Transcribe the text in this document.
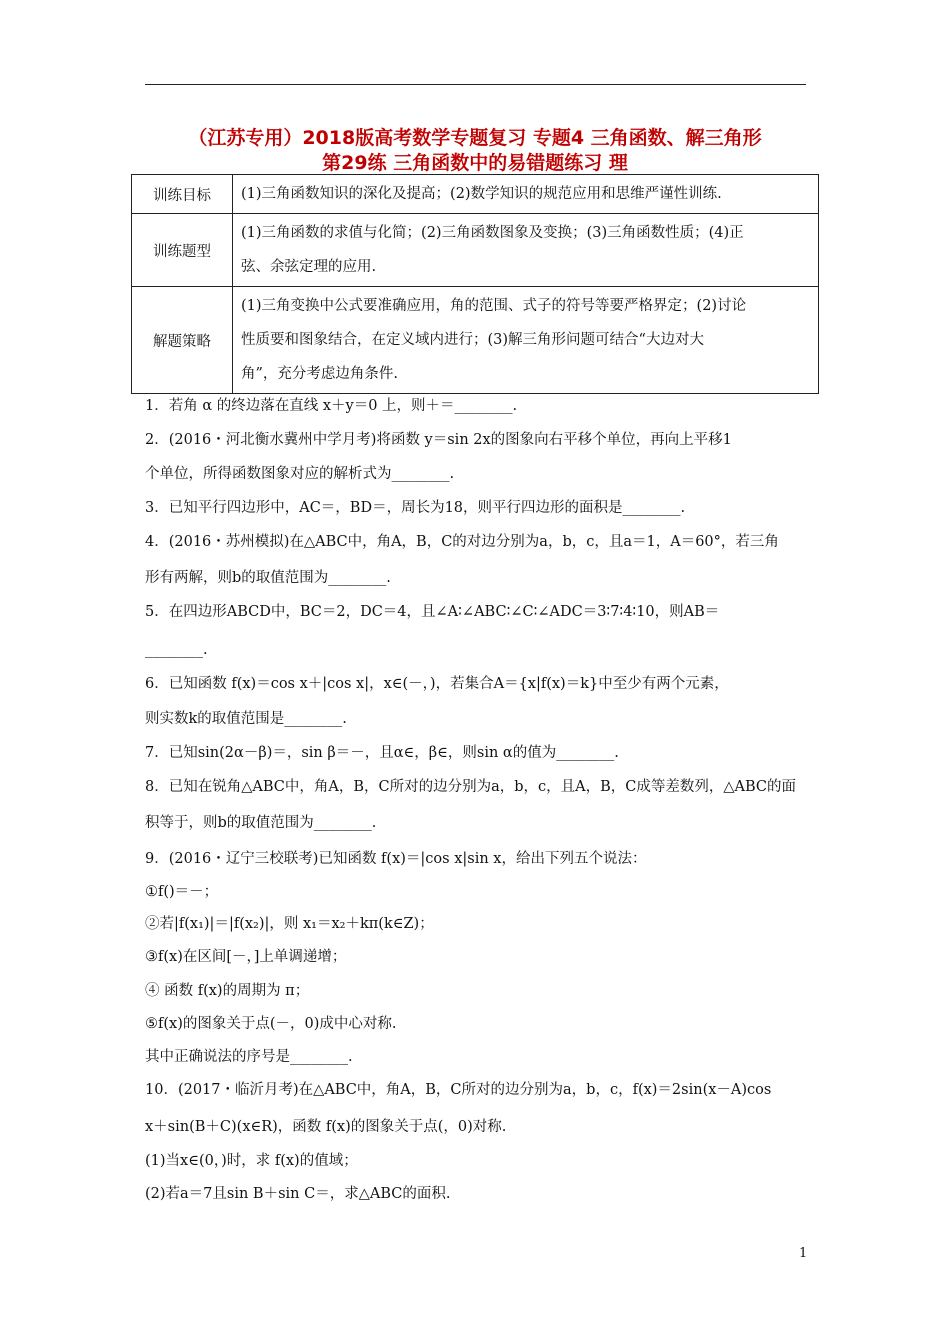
（江苏专用）2018版高考数学专题复习 专题4 三角函数、解三角形
第29练 三角函数中的易错题练习 理
训练目标	(1)三角函数知识的深化及提高；(2)数学知识的规范应用和思维严谨性训练.

训练题型	(1)三角函数的求值与化简；(2)三角函数图象及变换；(3)三角函数性质；(4)正
弦、余弦定理的应用.

解题策略	(1)三角变换中公式要准确应用，角的范围、式子的符号等要严格界定；(2)讨论
性质要和图象结合，在定义域内进行；(3)解三角形问题可结合“大边对大
角”，充分考虑边角条件.
1．若角 α 的终边落在直线 x＋y＝0 上，则＋＝________.
2．(2016・河北衡水冀州中学月考)将函数 y＝sin 2x的图象向右平移个单位，再向上平移1
个单位，所得函数图象对应的解析式为________.
3．已知平行四边形中，AC＝，BD＝，周长为18，则平行四边形的面积是________.
4．(2016・苏州模拟)在△ABC中，角A，B，C的对边分别为a，b，c，且a＝1，A＝60°，若三角
形有两解，则b的取值范围为________.
5．在四边形ABCD中，BC＝2，DC＝4，且∠A∶∠ABC∶∠C∶∠ADC＝3∶7∶4∶10，则AB＝
________.
6．已知函数 f(x)＝cos x＋|cos x|，x∈(－，)，若集合A＝{x|f(x)＝k}中至少有两个元素，
则实数k的取值范围是________.
7．已知sin(2α－β)＝，sin β＝－，且α∈，β∈，则sin α的值为________.
8．已知在锐角△ABC中，角A，B，C所对的边分别为a，b，c，且A，B，C成等差数列，△ABC的面
积等于，则b的取值范围为________.
9．(2016・辽宁三校联考)已知函数 f(x)＝|cos x|sin x，给出下列五个说法：
①f()＝－；
②若|f(x₁)|＝|f(x₂)|，则 x₁＝x₂＋kπ(k∈Z)；
③f(x)在区间[－，]上单调递增；
④ 函数 f(x)的周期为 π；
⑤f(x)的图象关于点(－，0)成中心对称.
其中正确说法的序号是________.
10．(2017・临沂月考)在△ABC中，角A，B，C所对的边分别为a，b，c，f(x)＝2sin(x－A)cos
x＋sin(B＋C)(x∈R)，函数 f(x)的图象关于点(，0)对称.
(1)当x∈(0，)时，求 f(x)的值域；
(2)若a＝7且sin B＋sin C＝，求△ABC的面积.
1
